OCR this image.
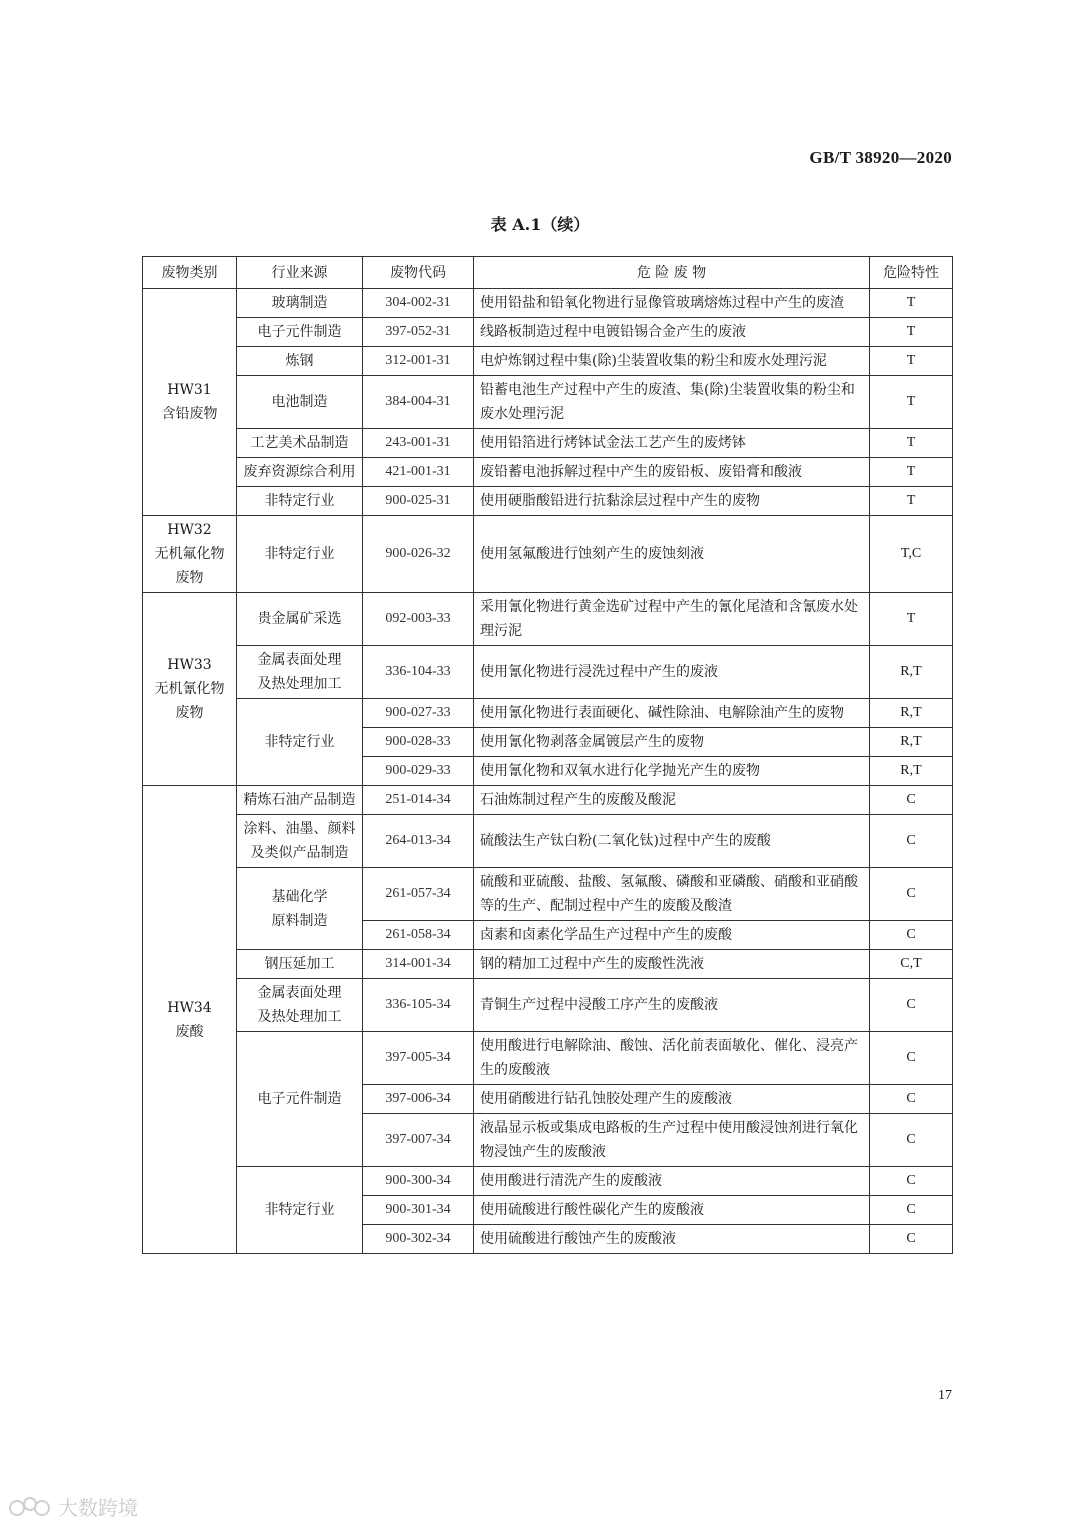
GB/T 38920—2020
表 A.1（续）
废物类别	行业来源	废物代码	危 险 废 物	危险特性
HW31
含铅废物	玻璃制造	304-002-31	使用铅盐和铅氧化物进行显像管玻璃熔炼过程中产生的废渣	T
	电子元件制造	397-052-31	线路板制造过程中电镀铅锡合金产生的废液	T
	炼钢	312-001-31	电炉炼钢过程中集(除)尘装置收集的粉尘和废水处理污泥	T
	电池制造	384-004-31	铅蓄电池生产过程中产生的废渣、集(除)尘装置收集的粉尘和废水处理污泥	T
	工艺美术品制造	243-001-31	使用铅箔进行烤钵试金法工艺产生的废烤钵	T
	废弃资源综合利用	421-001-31	废铅蓄电池拆解过程中产生的废铅板、废铅膏和酸液	T
	非特定行业	900-025-31	使用硬脂酸铅进行抗黏涂层过程中产生的废物	T
HW32
无机氟化物
废物	非特定行业	900-026-32	使用氢氟酸进行蚀刻产生的废蚀刻液	T,C
HW33
无机氰化物
废物	贵金属矿采选	092-003-33	采用氰化物进行黄金选矿过程中产生的氰化尾渣和含氰废水处理污泥	T
	金属表面处理
及热处理加工	336-104-33	使用氰化物进行浸洗过程中产生的废液	R,T
	非特定行业	900-027-33	使用氰化物进行表面硬化、碱性除油、电解除油产生的废物	R,T
		900-028-33	使用氰化物剥落金属镀层产生的废物	R,T
		900-029-33	使用氰化物和双氧水进行化学抛光产生的废物	R,T
HW34
废酸	精炼石油产品制造	251-014-34	石油炼制过程产生的废酸及酸泥	C
	涂料、油墨、颜料
及类似产品制造	264-013-34	硫酸法生产钛白粉(二氧化钛)过程中产生的废酸	C
	基础化学
原料制造	261-057-34	硫酸和亚硫酸、盐酸、氢氟酸、磷酸和亚磷酸、硝酸和亚硝酸等的生产、配制过程中产生的废酸及酸渣	C
		261-058-34	卤素和卤素化学品生产过程中产生的废酸	C
	钢压延加工	314-001-34	钢的精加工过程中产生的废酸性洗液	C,T
	金属表面处理
及热处理加工	336-105-34	青铜生产过程中浸酸工序产生的废酸液	C
	电子元件制造	397-005-34	使用酸进行电解除油、酸蚀、活化前表面敏化、催化、浸亮产生的废酸液	C
		397-006-34	使用硝酸进行钻孔蚀胶处理产生的废酸液	C
		397-007-34	液晶显示板或集成电路板的生产过程中使用酸浸蚀剂进行氧化物浸蚀产生的废酸液	C
	非特定行业	900-300-34	使用酸进行清洗产生的废酸液	C
		900-301-34	使用硫酸进行酸性碳化产生的废酸液	C
		900-302-34	使用硫酸进行酸蚀产生的废酸液	C
17
大数跨境
